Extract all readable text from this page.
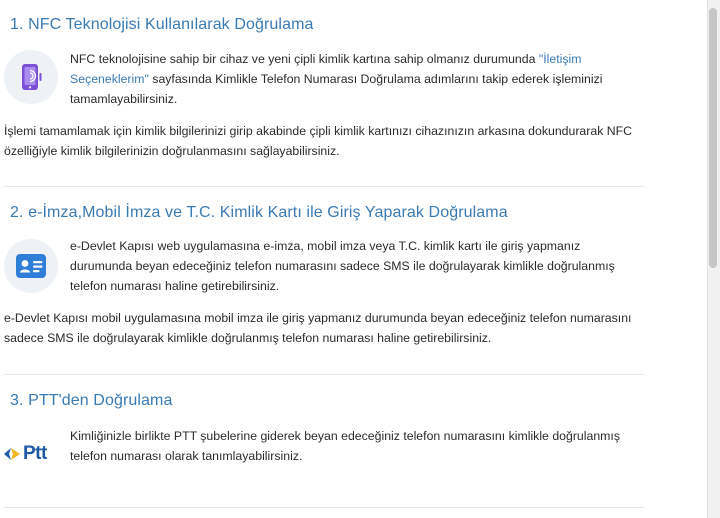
1. NFC Teknolojisi Kullanılarak Doğrulama

NFC teknolojisine sahip bir cihaz ve yeni çipli kimlik kartına sahip olmanız durumunda "İletişim Seçeneklerim" sayfasında Kimlikle Telefon Numarası Doğrulama adımlarını takip ederek işleminizi tamamlayabilirsiniz.

İşlemi tamamlamak için kimlik bilgilerinizi girip akabinde çipli kimlik kartınızı cihazınızın arkasına dokundurarak NFC özelliğiyle kimlik bilgilerinizin doğrulanmasını sağlayabilirsiniz.

2. e-İmza,Mobil İmza ve T.C. Kimlik Kartı ile Giriş Yaparak Doğrulama

e-Devlet Kapısı web uygulamasına e-imza, mobil imza veya T.C. kimlik kartı ile giriş yapmanız durumunda beyan edeceğiniz telefon numarasını sadece SMS ile doğrulayarak kimlikle doğrulanmış telefon numarası haline getirebilirsiniz.

e-Devlet Kapısı mobil uygulamasına mobil imza ile giriş yapmanız durumunda beyan edeceğiniz telefon numarasını sadece SMS ile doğrulayarak kimlikle doğrulanmış telefon numarası haline getirebilirsiniz.

3. PTT'den Doğrulama
Ptt

Kimliğinizle birlikte PTT şubelerine giderek beyan edeceğiniz telefon numarasını kimlikle doğrulanmış telefon numarası olarak tanımlayabilirsiniz.
